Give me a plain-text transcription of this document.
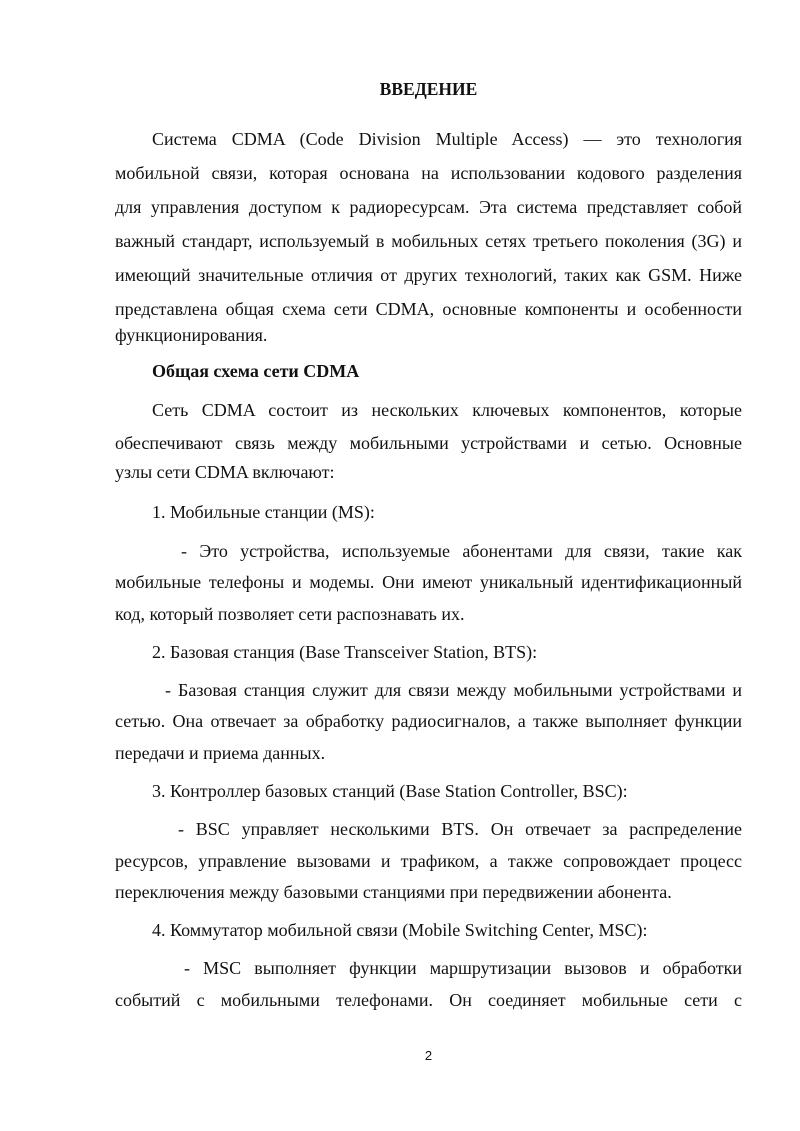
ВВЕДЕНИЕ
Система CDMA (Code Division Multiple Access) — это технология
мобильной связи, которая основана на использовании кодового разделения
для управления доступом к радиоресурсам. Эта система представляет собой
важный стандарт, используемый в мобильных сетях третьего поколения (3G) и
имеющий значительные отличия от других технологий, таких как GSM. Ниже
представлена общая схема сети CDMA, основные компоненты и особенности
функционирования.
Общая схема сети CDMA
Сеть CDMA состоит из нескольких ключевых компонентов, которые
обеспечивают связь между мобильными устройствами и сетью. Основные
узлы сети CDMA включают:
1. Мобильные станции (MS):
- Это устройства, используемые абонентами для связи, такие как
мобильные телефоны и модемы. Они имеют уникальный идентификационный
код, который позволяет сети распознавать их.
2. Базовая станция (Base Transceiver Station, BTS):
- Базовая станция служит для связи между мобильными устройствами и
сетью. Она отвечает за обработку радиосигналов, а также выполняет функции
передачи и приема данных.
3. Контроллер базовых станций (Base Station Controller, BSC):
- BSC управляет несколькими BTS. Он отвечает за распределение
ресурсов, управление вызовами и трафиком, а также сопровождает процесс
переключения между базовыми станциями при передвижении абонента.
4. Коммутатор мобильной связи (Mobile Switching Center, MSC):
- MSC выполняет функции маршрутизации вызовов и обработки
событий с мобильными телефонами. Он соединяет мобильные сети с
2
